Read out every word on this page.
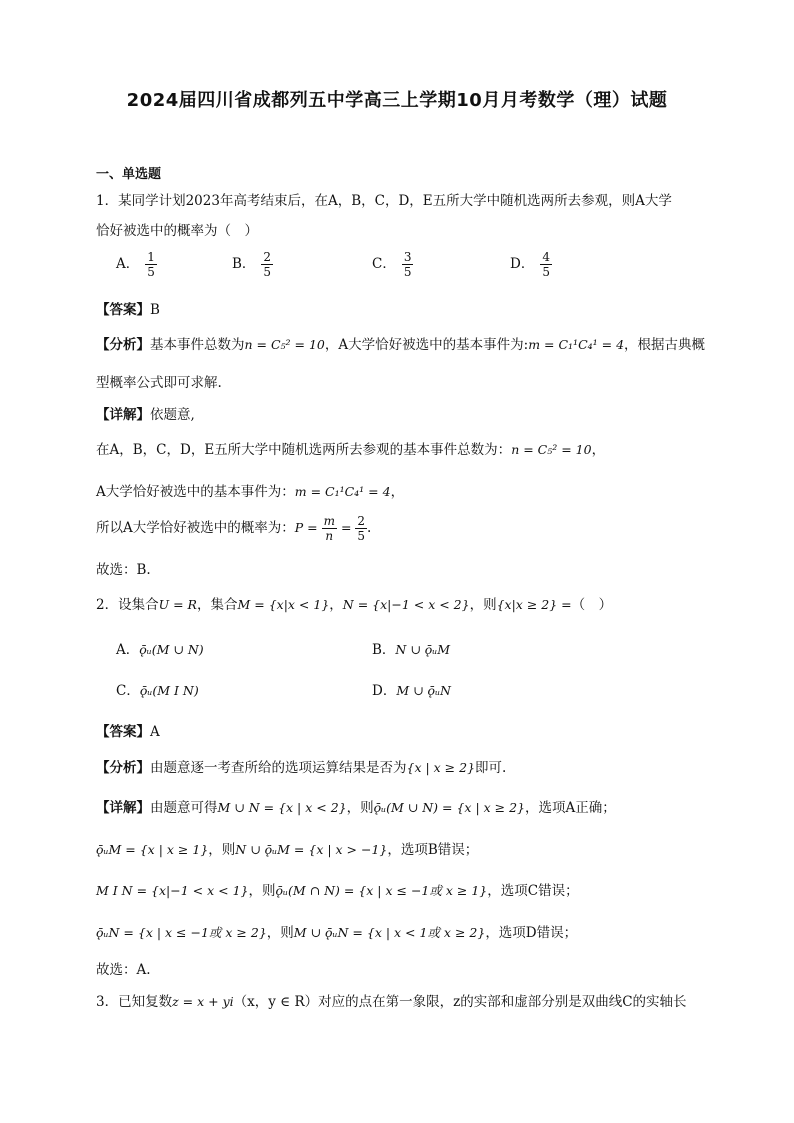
2024届四川省成都列五中学高三上学期10月月考数学（理）试题
一、单选题
1．某同学计划2023年高考结束后，在A，B，C，D，E五所大学中随机选两所去参观，则A大学
恰好被选中的概率为（　）
A． $\frac{1}{5}$	B． $\frac{2}{5}$	C． $\frac{3}{5}$	D． $\frac{4}{5}$
【答案】B
【分析】基本事件总数为n = C₅² = 10，A大学恰好被选中的基本事件为:m = C₁¹C₄¹ = 4，根据古典概
型概率公式即可求解.
【详解】依题意,
在A，B，C，D，E五所大学中随机选两所去参观的基本事件总数为：n = C₅² = 10，
A大学恰好被选中的基本事件为：m = C₁¹C₄¹ = 4，
所以A大学恰好被选中的概率为：$P = \frac{m}{n} = \frac{2}{5}$ .
故选：B.
2．设集合U = R，集合M = {x|x < 1}，N = {x|−1 < x < 2}，则{x|x ≥ 2} =（　）
A．ǭᵤ(M ∪ N)	B．N ∪ ǭᵤM
C．ǭᵤ(M I N)	D．M ∪ ǭᵤN
【答案】A
【分析】由题意逐一考查所给的选项运算结果是否为{x | x ≥ 2}即可.
【详解】由题意可得M ∪ N = {x | x < 2}，则ǭᵤ(M ∪ N) = {x | x ≥ 2}，选项A正确；
ǭᵤM = {x | x ≥ 1}，则N ∪ ǭᵤM = {x | x > −1}，选项B错误；
M I N = {x|−1 < x < 1}，则ǭᵤ(M ∩ N) = {x | x ≤ −1或 x ≥ 1}，选项C错误；
ǭᵤN = {x | x ≤ −1或 x ≥ 2}，则M ∪ ǭᵤN = {x | x < 1或 x ≥ 2}，选项D错误；
故选：A.
3．已知复数z = x + yi（x，y ∈ R）对应的点在第一象限，z的实部和虚部分别是双曲线C的实轴长
